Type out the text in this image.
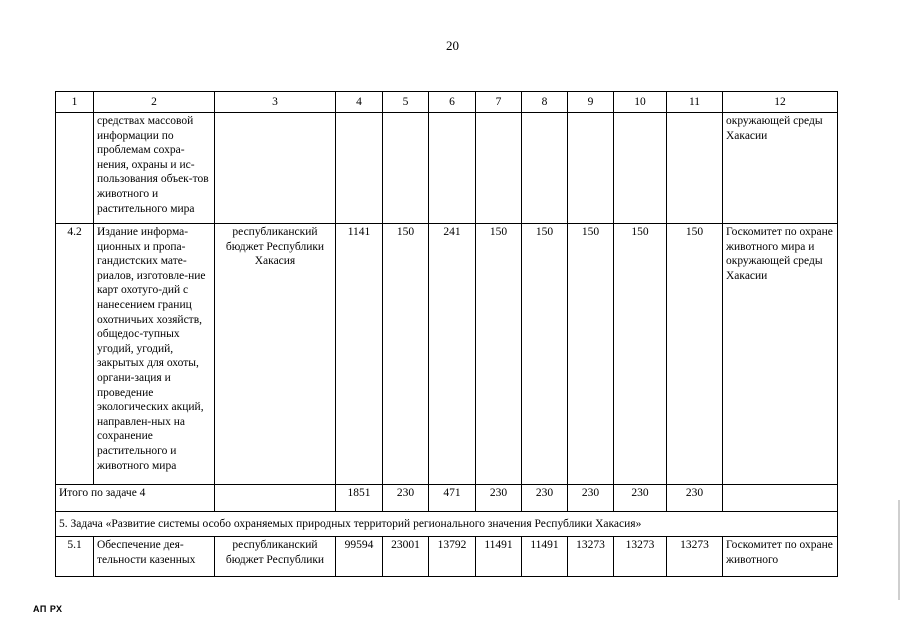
20
1	2	3	4	5	6	7	8	9	10	11	12
	средствах массовой информации по проблемам сохра-нения, охраны и ис-пользования объек-тов животного и растительного мира										окружающей среды Хакасии
4.2	Издание информа-ционных и пропа-гандистских мате-риалов, изготовле-ние карт охотуго-дий с нанесением границ охотничьих хозяйств, общедос-тупных угодий, угодий, закрытых для охоты, органи-зация и проведение экологических акций, направлен-ных на сохранение растительного и животного мира	республиканский бюджет Республики Хакасия	1141	150	241	150	150	150	150	150	Госкомитет по охране животного мира и окружающей среды Хакасии
Итого по задаче 4			1851	230	471	230	230	230	230	230	
5. Задача «Развитие системы особо охраняемых природных территорий регионального значения Республики Хакасия»											
5.1	Обеспечение дея-тельности казенных	республиканский бюджет Республики	99594	23001	13792	11491	11491	13273	13273	13273	Госкомитет по охране животного
АП РХ
